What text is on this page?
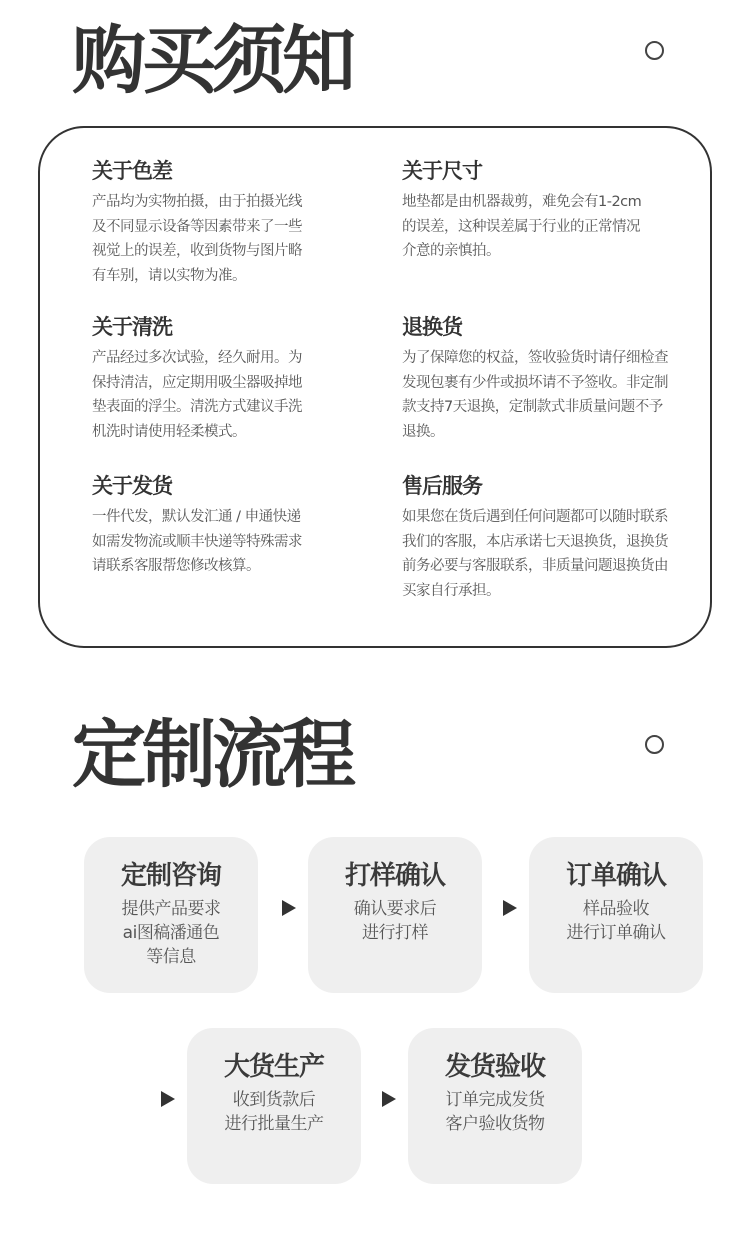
购买须知
关于色差

产品均为实物拍摄，由于拍摄光线
及不同显示设备等因素带来了一些
视觉上的误差，收到货物与图片略
有车别，请以实物为准。

关于尺寸

地垫都是由机器裁剪，难免会有1-2cm
的误差，这种误差属于行业的正常情况
介意的亲慎拍。

关于清洗

产品经过多次试验，经久耐用。为
保持清洁，应定期用吸尘器吸掉地
垫表面的浮尘。清洗方式建议手洗
机洗时请使用轻柔模式。

退换货

为了保障您的权益，签收验货时请仔细检查
发现包裹有少件或损坏请不予签收。非定制
款支持7天退换，定制款式非质量问题不予
退换。

关于发货

一件代发，默认发汇通 / 申通快递
如需发物流或顺丰快递等特殊需求
请联系客服帮您修改核算。

售后服务

如果您在货后遇到任何问题都可以随时联系
我们的客服，本店承诺七天退换货，退换货
前务必要与客服联系，非质量问题退换货由
买家自行承担。

定制流程
定制咨询
提供产品要求
ai图稿潘通色
等信息
打样确认
确认要求后
进行打样
订单确认
样品验收
进行订单确认
大货生产
收到货款后
进行批量生产
发货验收
订单完成发货
客户验收货物
